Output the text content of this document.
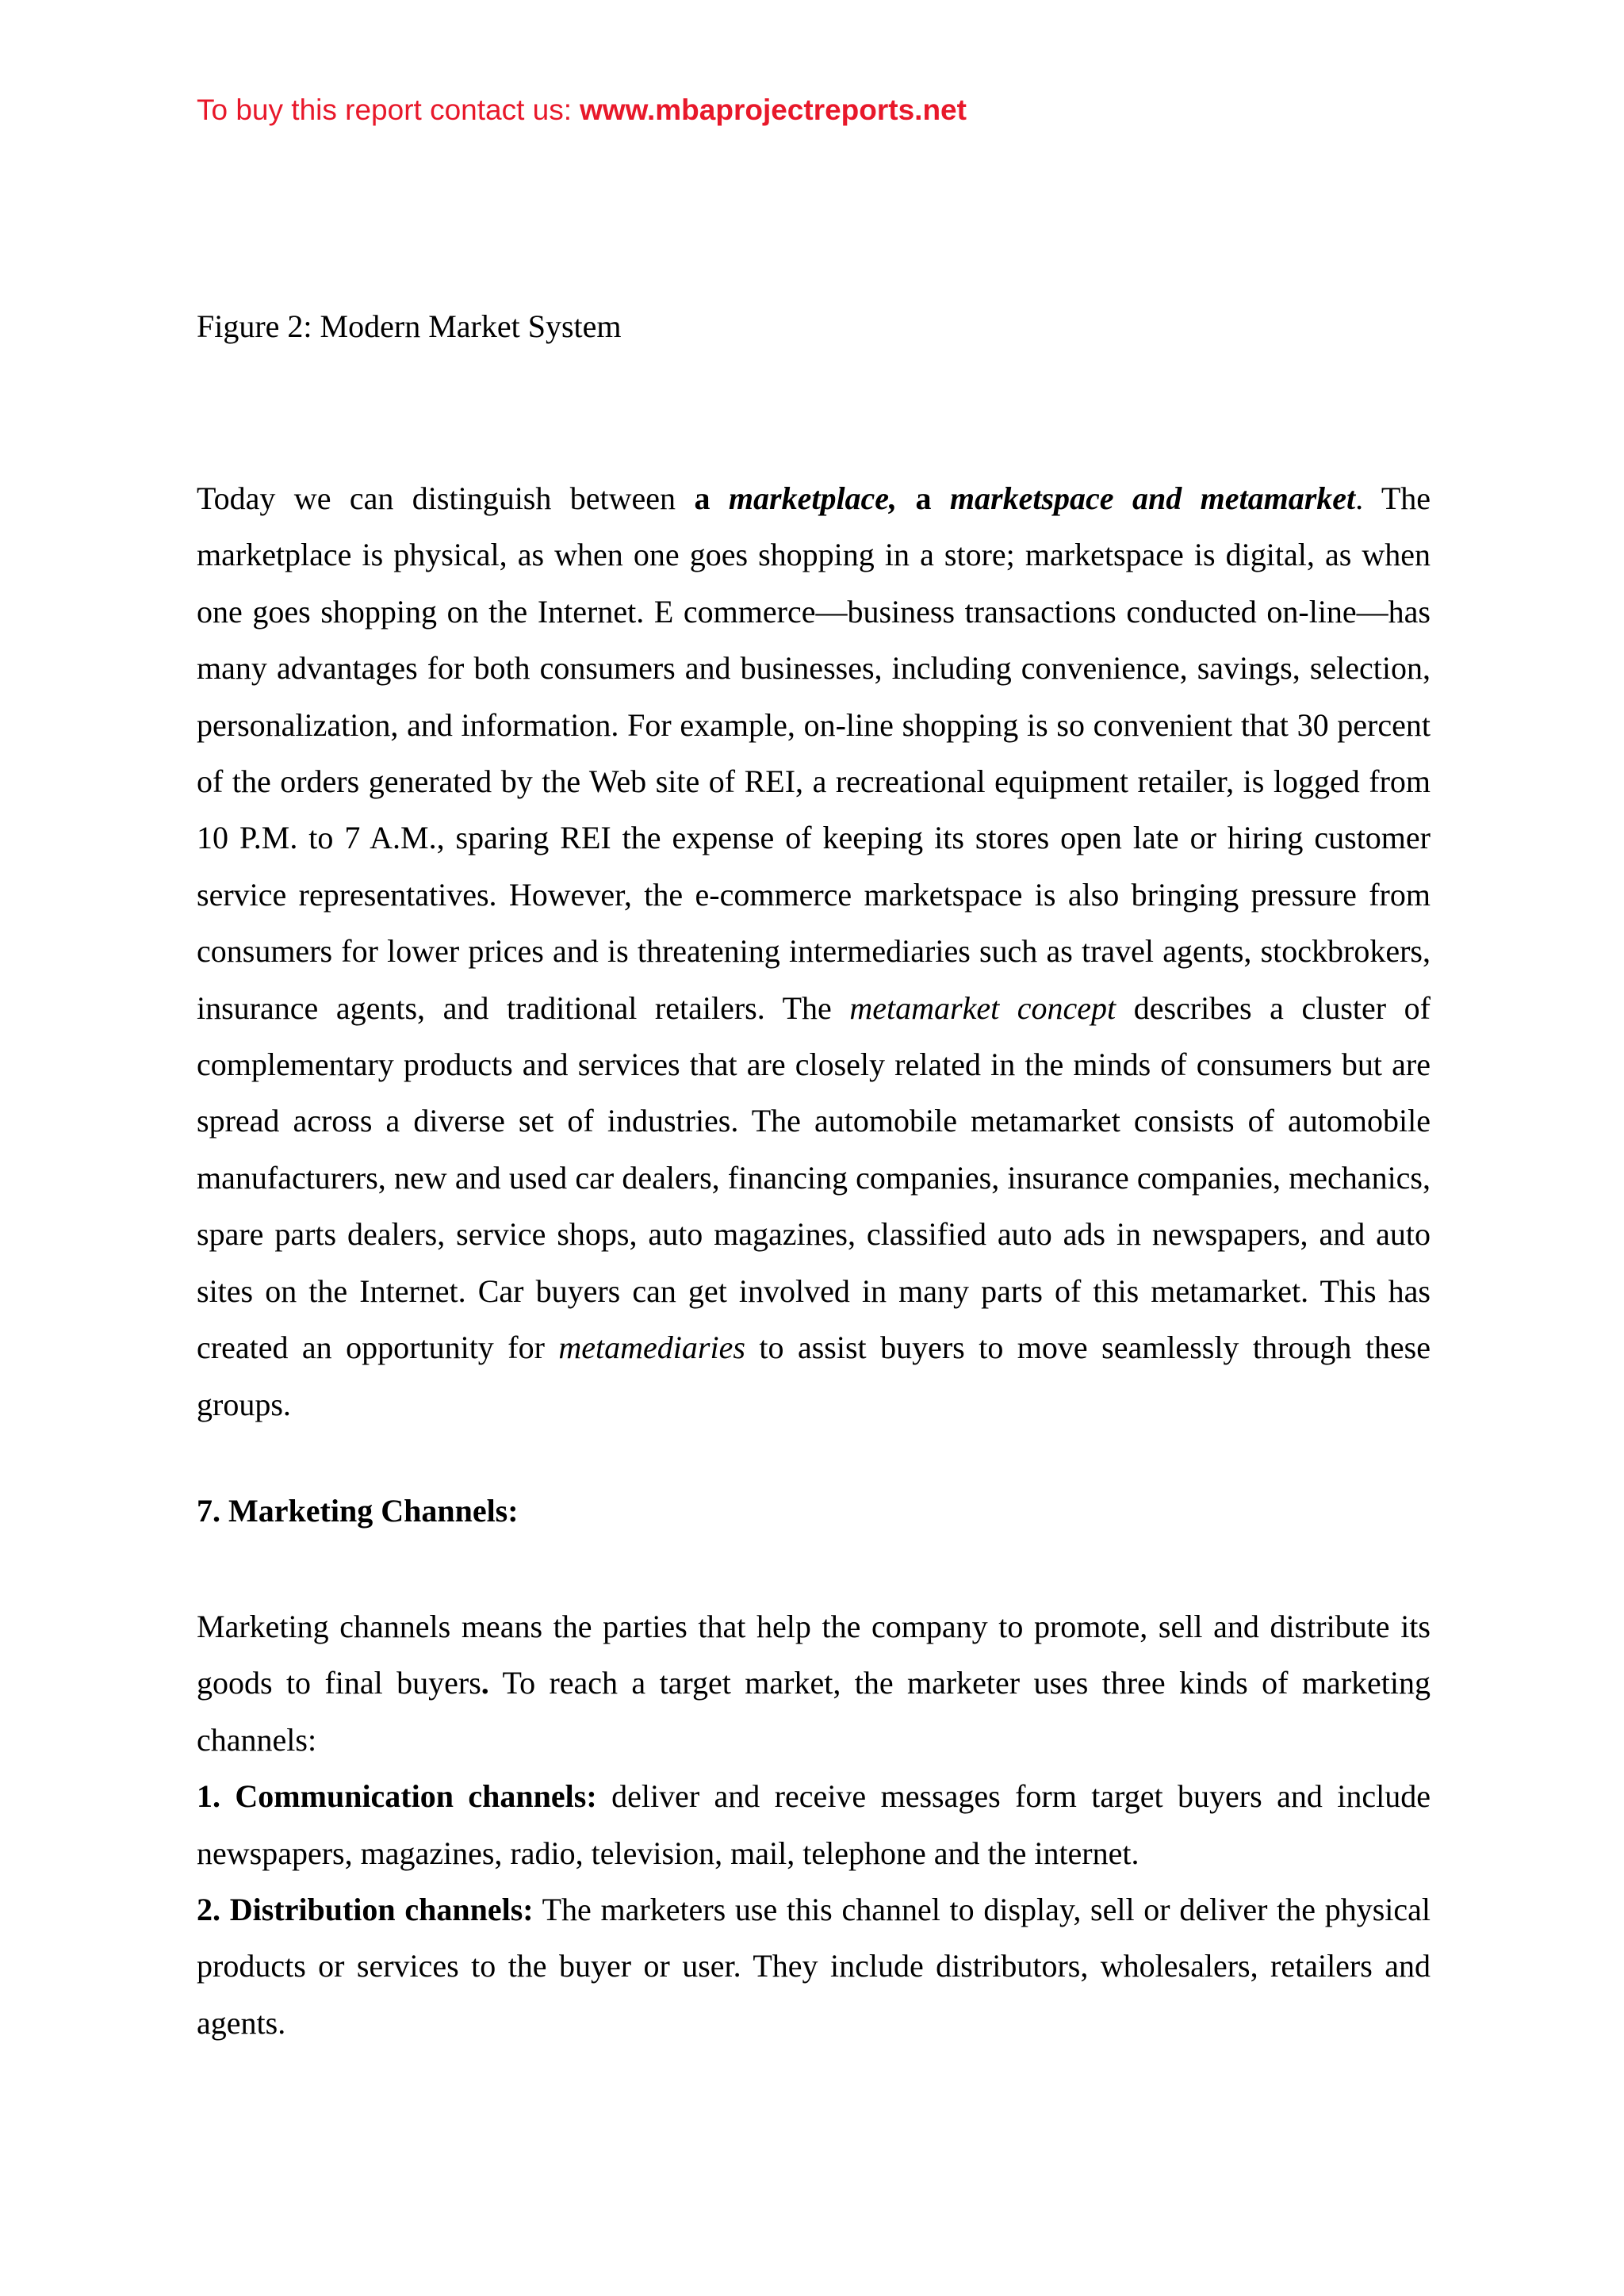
To buy this report contact us: www.mbaprojectreports.net
Figure 2: Modern Market System

Today we can distinguish between a marketplace, a marketspace and metamarket. The marketplace is physical, as when one goes shopping in a store; marketspace is digital, as when one goes shopping on the Internet. E commerce—business transactions conducted on-line—has many advantages for both consumers and businesses, including convenience, savings, selection, personalization, and information. For example, on-line shopping is so convenient that 30 percent of the orders generated by the Web site of REI, a recreational equipment retailer, is logged from 10 P.M. to 7 A.M., sparing REI the expense of keeping its stores open late or hiring customer service representatives. However, the e-commerce marketspace is also bringing pressure from consumers for lower prices and is threatening intermediaries such as travel agents, stockbrokers, insurance agents, and traditional retailers. The metamarket concept describes a cluster of complementary products and services that are closely related in the minds of consumers but are spread across a diverse set of industries. The automobile metamarket consists of automobile manufacturers, new and used car dealers, financing companies, insurance companies, mechanics, spare parts dealers, service shops, auto magazines, classified auto ads in newspapers, and auto sites on the Internet. Car buyers can get involved in many parts of this metamarket. This has created an opportunity for metamediaries to assist buyers to move seamlessly through these groups.

7. Marketing Channels:

Marketing channels means the parties that help the company to promote, sell and distribute its goods to final buyers. To reach a target market, the marketer uses three kinds of marketing channels:

1. Communication channels: deliver and receive messages form target buyers and include newspapers, magazines, radio, television, mail, telephone and the internet.

2. Distribution channels: The marketers use this channel to display, sell or deliver the physical products or services to the buyer or user. They include distributors, wholesalers, retailers and agents.
